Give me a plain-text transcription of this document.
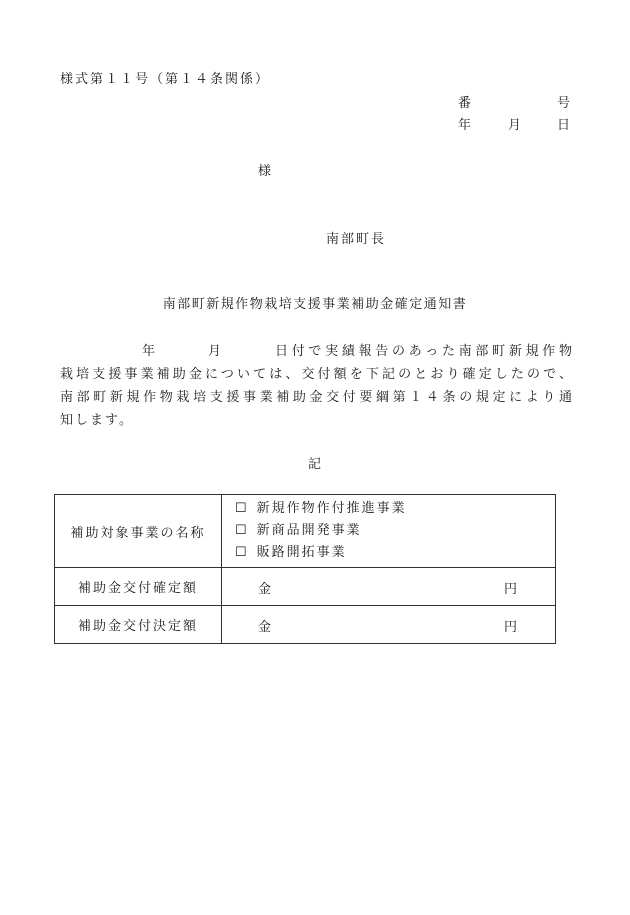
様式第１１号（第１４条関係）
番	号
年	月	日
様
南部町長
南部町新規作物栽培支援事業補助金確定通知書
年	月	日付で実績報告のあった南部町新規作物
栽培支援事業補助金については、交付額を下記のとおり確定したので、
南部町新規作物栽培支援事業補助金交付要綱第１４条の規定により通
知します。
記
補助対象事業の名称	☐ 新規作物作付推進事業
☐ 新商品開発事業
☐ 販路開拓事業

補助金交付確定額	金 円

補助金交付決定額	金 円
